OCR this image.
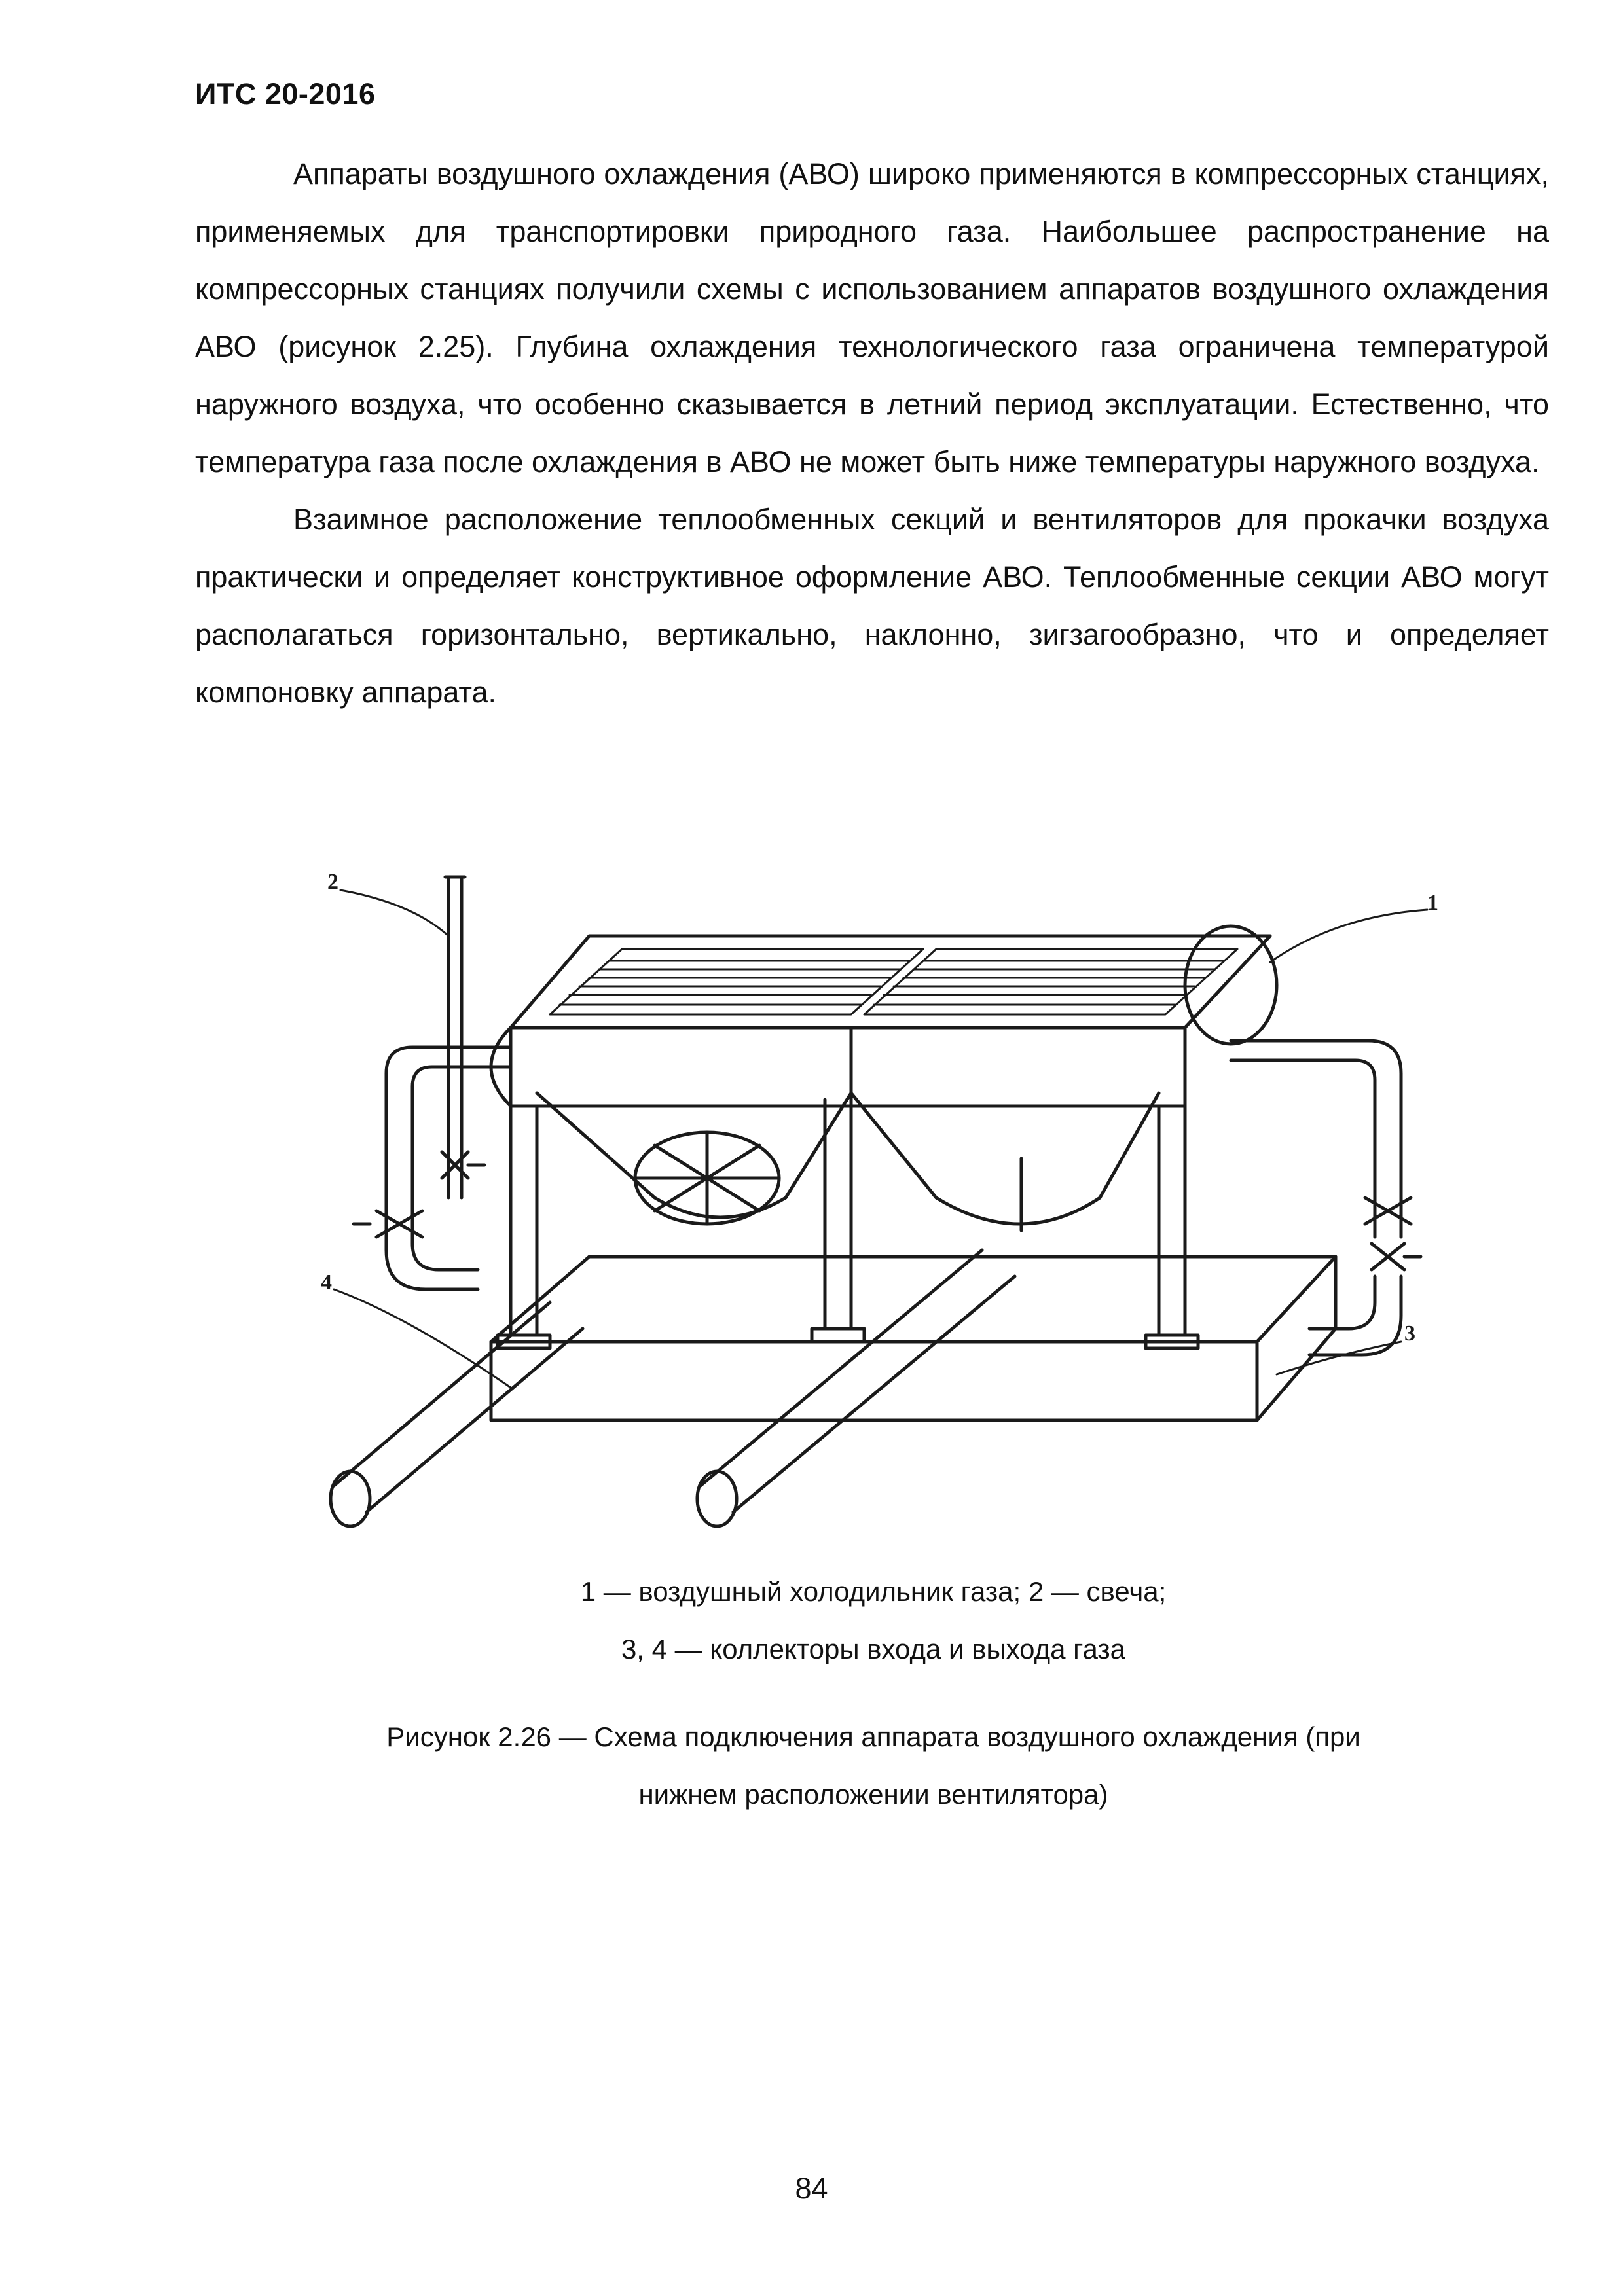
ИТС 20-2016

Аппараты воздушного охлаждения (АВО) широко применяются в компрессорных станциях, применяемых для транспортировки природного газа. Наибольшее распространение на компрессорных станциях получили схемы с использованием аппаратов воздушного охлаждения АВО (рисунок 2.25). Глубина охлаждения технологического газа ограничена температурой наружного воздуха, что особенно сказывается в летний период эксплуатации. Естественно, что температура газа после охлаждения в АВО не может быть ниже температуры наружного воздуха.

Взаимное расположение теплообменных секций и вентиляторов для прокачки воздуха практически и определяет конструктивное оформление АВО. Теплообменные секции АВО могут располагаться горизонтально, вертикально, наклонно, зигзагообразно, что и определяет компоновку аппарата.

2
1
3
4
1 — воздушный холодильник газа; 2 — свеча;
3, 4 — коллекторы входа и выхода газа
Рисунок 2.26 — Схема подключения аппарата воздушного охлаждения (при
нижнем расположении вентилятора)
84
